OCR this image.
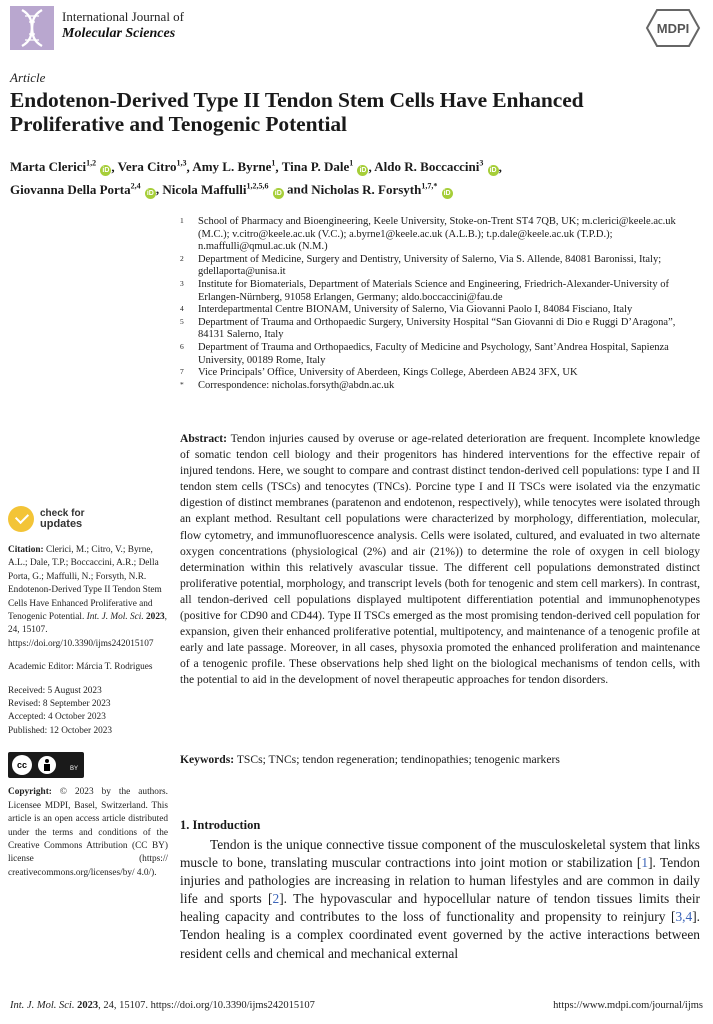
International Journal of
Molecular Sciences	MDPI
Article
Endotenon-Derived Type II Tendon Stem Cells Have Enhanced Proliferative and Tenogenic Potential
Marta Clerici$^{1,2}$ iD , Vera Citro$^{1,3}$, Amy L. Byrne$^1$, Tina P. Dale$^1$ iD , Aldo R. Boccaccini$^3$ iD ,
Giovanna Della Porta$^{2,4}$ iD , Nicola Maffulli$^{1,2,5,6}$ iD and Nicholas R. Forsyth$^{1,7,*}$ iD
1	School of Pharmacy and Bioengineering, Keele University, Stoke-on-Trent ST4 7QB, UK; m.clerici@keele.ac.uk (M.C.); v.citro@keele.ac.uk (V.C.); a.byrne1@keele.ac.uk (A.L.B.); t.p.dale@keele.ac.uk (T.P.D.); n.maffulli@qmul.ac.uk (N.M.)
2	Department of Medicine, Surgery and Dentistry, University of Salerno, Via S. Allende, 84081 Baronissi, Italy; gdellaporta@unisa.it
3	Institute for Biomaterials, Department of Materials Science and Engineering, Friedrich-Alexander-University of Erlangen-Nürnberg, 91058 Erlangen, Germany; aldo.boccaccini@fau.de
4	Interdepartmental Centre BIONAM, University of Salerno, Via Giovanni Paolo I, 84084 Fisciano, Italy
5	Department of Trauma and Orthopaedic Surgery, University Hospital “San Giovanni di Dio e Ruggi D’Aragona”, 84131 Salerno, Italy
6	Department of Trauma and Orthopaedics, Faculty of Medicine and Psychology, Sant’Andrea Hospital, Sapienza University, 00189 Rome, Italy
7	Vice Principals’ Office, University of Aberdeen, Kings College, Aberdeen AB24 3FX, UK
*	Correspondence: nicholas.forsyth@abdn.ac.uk
Abstract: Tendon injuries caused by overuse or age-related deterioration are frequent. Incomplete knowledge of somatic tendon cell biology and their progenitors has hindered interventions for the effective repair of injured tendons. Here, we sought to compare and contrast distinct tendon-derived cell populations: type I and II tendon stem cells (TSCs) and tenocytes (TNCs). Porcine type I and II TSCs were isolated via the enzymatic digestion of distinct membranes (paratenon and endotenon, respectively), while tenocytes were isolated through an explant method. Resultant cell populations were characterized by morphology, differentiation, molecular, flow cytometry, and immunofluorescence analysis. Cells were isolated, cultured, and evaluated in two alternate oxygen concentrations (physiological (2%) and air (21%)) to determine the role of oxygen in cell biology determination within this relatively avascular tissue. The different cell populations demonstrated distinct proliferative potential, morphology, and transcript levels (both for tenogenic and stem cell markers). In contrast, all tendon-derived cell populations displayed multipotent differentiation potential and immunophenotypes (positive for CD90 and CD44). Type II TSCs emerged as the most promising tendon-derived cell population for expansion, given their enhanced proliferative potential, multipotency, and maintenance of a tenogenic profile at early and late passage. Moreover, in all cases, physoxia promoted the enhanced proliferation and maintenance of a tenogenic profile. These observations help shed light on the biological mechanisms of tendon cells, with the potential to aid in the development of novel therapeutic approaches for tendon disorders.
Keywords: TSCs; TNCs; tendon regeneration; tendinopathies; tenogenic markers
check for
updates
Citation: Clerici, M.; Citro, V.; Byrne, A.L.; Dale, T.P.; Boccaccini, A.R.; Della Porta, G.; Maffulli, N.; Forsyth, N.R. Endotenon-Derived Type II Tendon Stem Cells Have Enhanced Proliferative and Tenogenic Potential. Int. J. Mol. Sci. 2023, 24, 15107. https://doi.org/10.3390/ijms242015107
Academic Editor: Márcia T. Rodrigues
Received: 5 August 2023
Revised: 8 September 2023
Accepted: 4 October 2023
Published: 12 October 2023
cc	BY
Copyright: © 2023 by the authors. Licensee MDPI, Basel, Switzerland. This article is an open access article distributed under the terms and conditions of the Creative Commons Attribution (CC BY) license (https:// creativecommons.org/licenses/by/ 4.0/).
1. Introduction

Tendon is the unique connective tissue component of the musculoskeletal system that links muscle to bone, translating muscular contractions into joint motion or stabilization [1]. Tendon injuries and pathologies are increasing in relation to human lifestyles and are common in daily life and sports [2]. The hypovascular and hypocellular nature of tendon tissues limits their healing capacity and contributes to the loss of functionality and propensity to reinjury [3,4]. Tendon healing is a complex coordinated event governed by the active interactions between resident cells and chemical and mechanical external

Int. J. Mol. Sci. 2023, 24, 15107. https://doi.org/10.3390/ijms242015107	https://www.mdpi.com/journal/ijms
